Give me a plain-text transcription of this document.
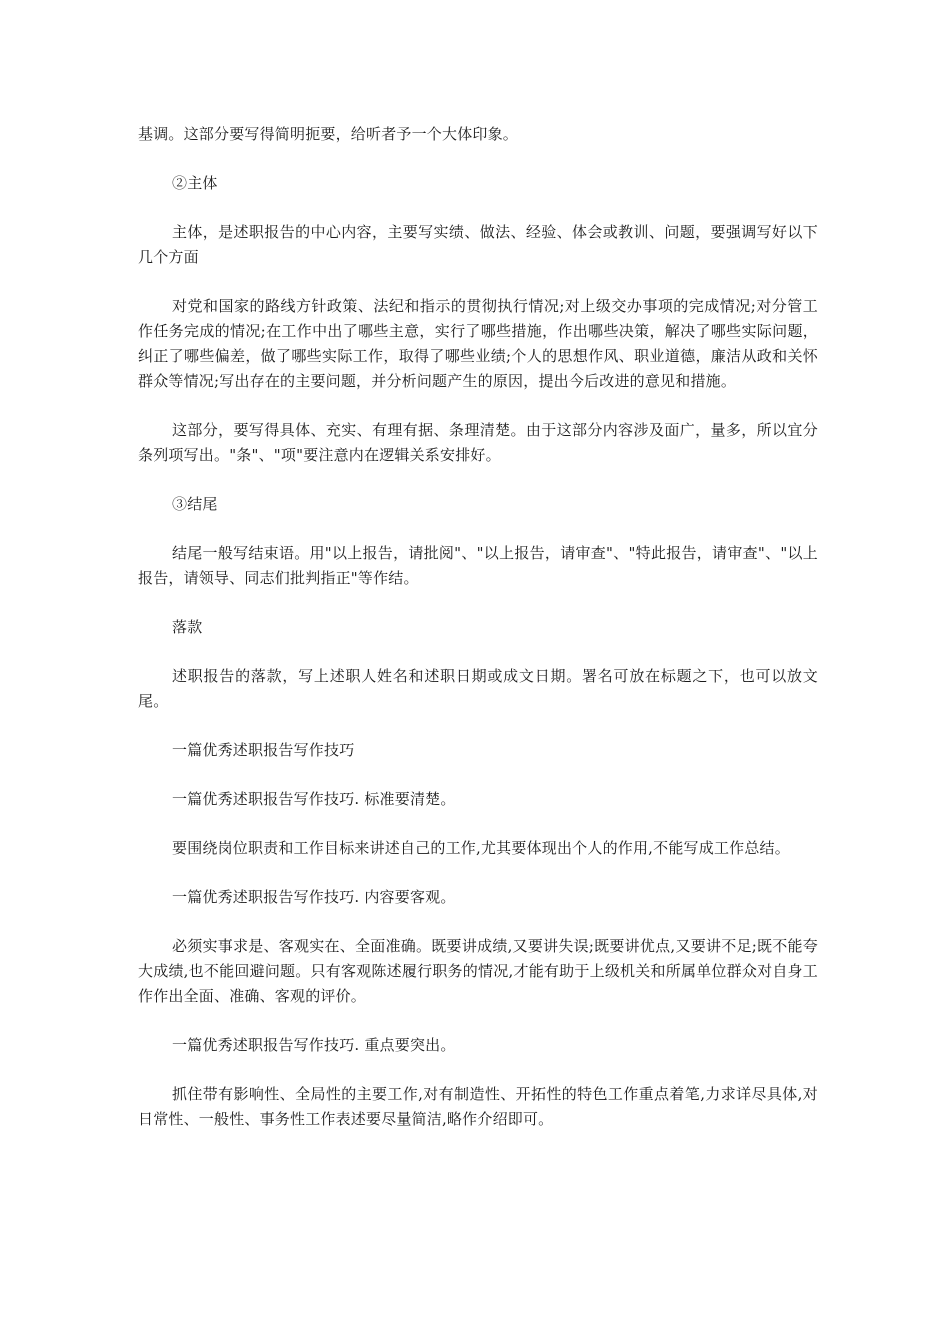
基调。这部分要写得简明扼要，给听者予一个大体印象。

②主体

主体，是述职报告的中心内容，主要写实绩、做法、经验、体会或教训、问题，要强调写好以下几个方面

对党和国家的路线方针政策、法纪和指示的贯彻执行情况;对上级交办事项的完成情况;对分管工作任务完成的情况;在工作中出了哪些主意，实行了哪些措施，作出哪些决策，解决了哪些实际问题，纠正了哪些偏差，做了哪些实际工作，取得了哪些业绩;个人的思想作风、职业道德，廉洁从政和关怀群众等情况;写出存在的主要问题，并分析问题产生的原因，提出今后改进的意见和措施。

这部分，要写得具体、充实、有理有据、条理清楚。由于这部分内容涉及面广，量多，所以宜分条列项写出。"条"、"项"要注意内在逻辑关系安排好。

③结尾

结尾一般写结束语。用"以上报告，请批阅"、"以上报告，请审查"、"特此报告，请审查"、"以上报告，请领导、同志们批判指正"等作结。

落款

述职报告的落款，写上述职人姓名和述职日期或成文日期。署名可放在标题之下，也可以放文尾。

一篇优秀述职报告写作技巧

一篇优秀述职报告写作技巧. 标准要清楚。

要围绕岗位职责和工作目标来讲述自己的工作,尤其要体现出个人的作用,不能写成工作总结。

一篇优秀述职报告写作技巧. 内容要客观。

必须实事求是、客观实在、全面准确。既要讲成绩,又要讲失误;既要讲优点,又要讲不足;既不能夸大成绩,也不能回避问题。只有客观陈述履行职务的情况,才能有助于上级机关和所属单位群众对自身工作作出全面、准确、客观的评价。

一篇优秀述职报告写作技巧. 重点要突出。

抓住带有影响性、全局性的主要工作,对有制造性、开拓性的特色工作重点着笔,力求详尽具体,对日常性、一般性、事务性工作表述要尽量简洁,略作介绍即可。
